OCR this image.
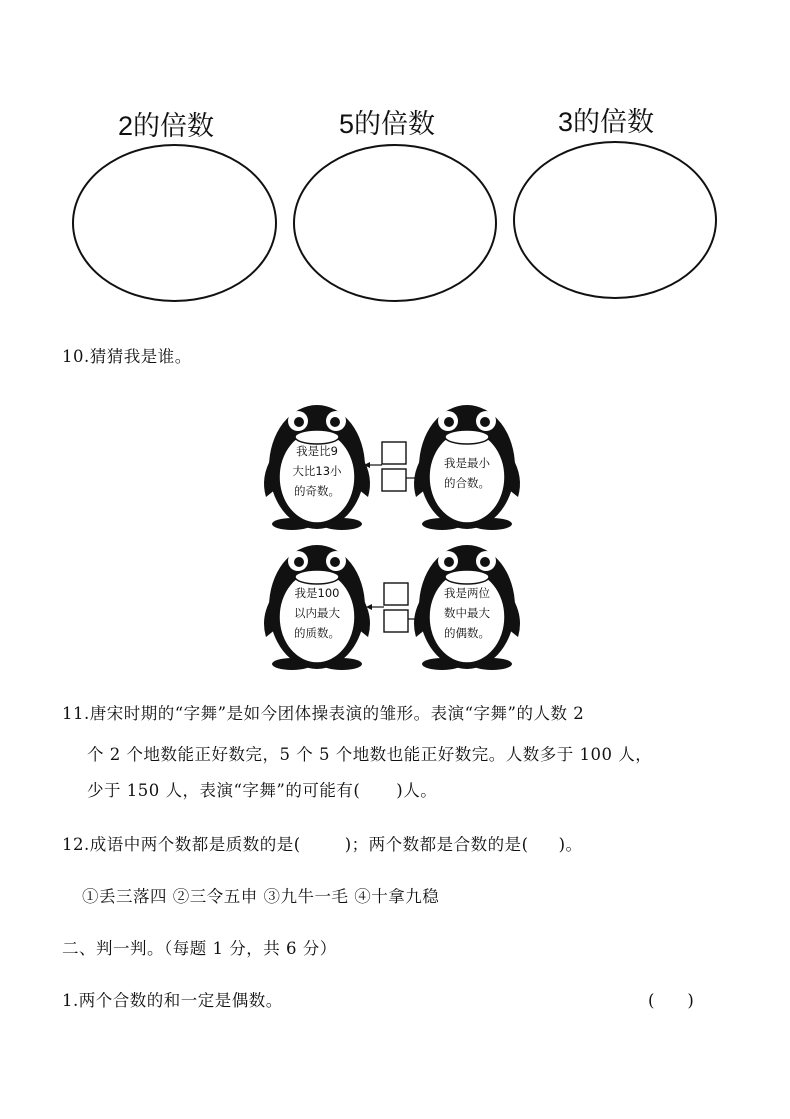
2的倍数	5的倍数	3的倍数
10.猜猜我是谁。
我是比9
大比13小
的奇数。
我是最小
的合数。
我是100
以内最大
的质数。
我是两位
数中最大
的偶数。
11.唐宋时期的“字舞”是如今团体操表演的雏形。表演“字舞”的人数 2
个 2 个地数能正好数完，5 个 5 个地数也能正好数完。人数多于 100 人，
少于 150 人，表演“字舞”的可能有( )人。
12.成语中两个数都是质数的是(	)；两个数都是合数的是( )。
①丢三落四 ②三令五申 ③九牛一毛 ④十拿九稳
二、判一判。（每题 1 分，共 6 分）
1.两个合数的和一定是偶数。	(　　)
